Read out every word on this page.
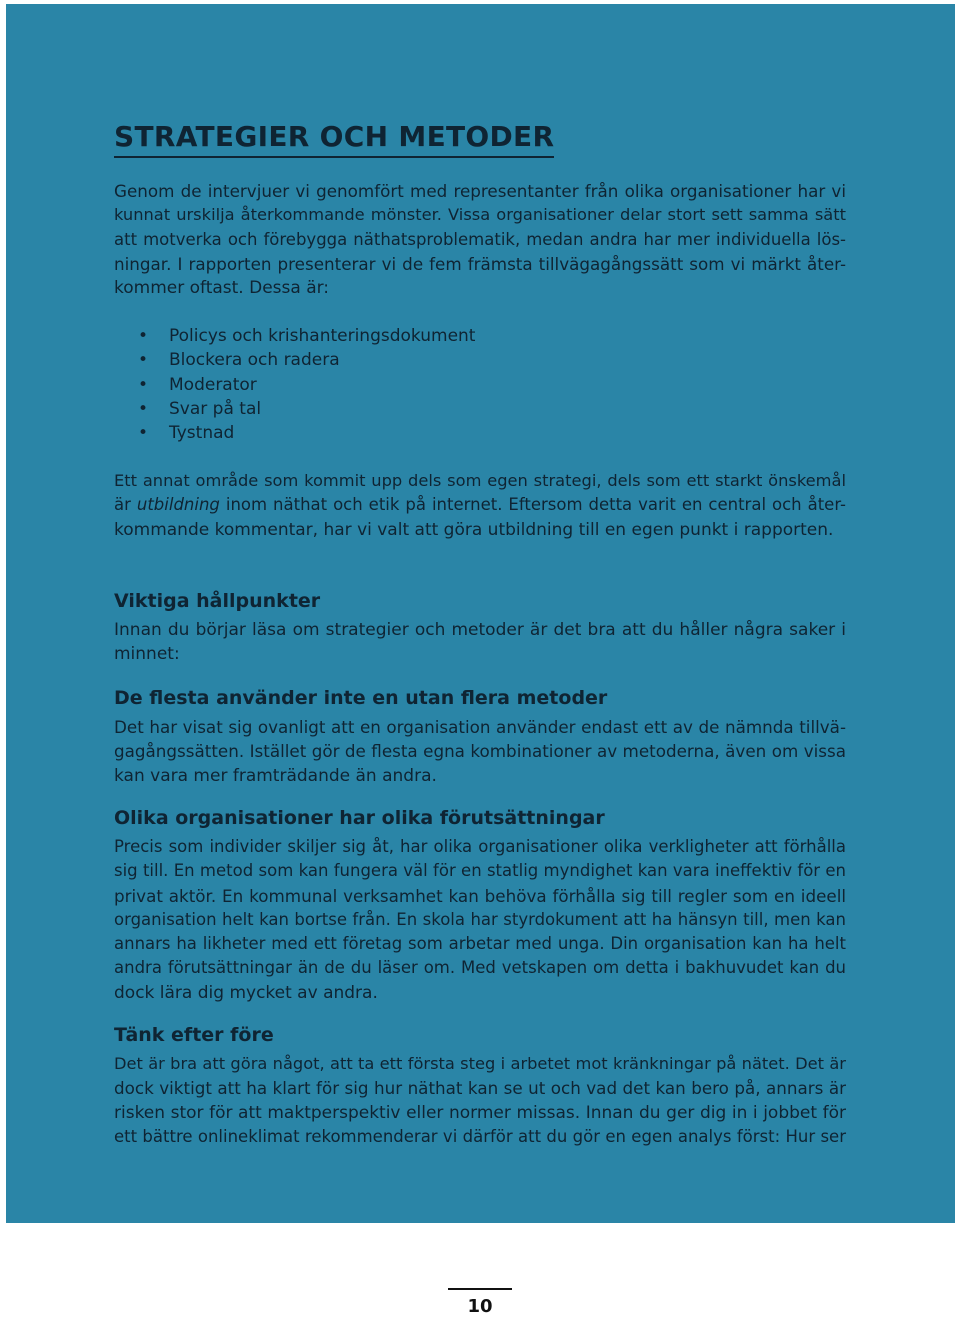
STRATEGIER OCH METODER
Genom de intervjuer vi genomfört med representanter från olika organisationer har vi
kunnat urskilja återkommande mönster. Vissa organisationer delar stort sett samma sätt
att motverka och förebygga näthatsproblematik, medan andra har mer individuella lös-
ningar. I rapporten presenterar vi de fem främsta tillvägagångssätt som vi märkt åter-
kommer oftast. Dessa är:
• Policys och krishanteringsdokument
• Blockera och radera
• Moderator
• Svar på tal
• Tystnad
Ett annat område som kommit upp dels som egen strategi, dels som ett starkt önskemål
är utbildning inom näthat och etik på internet. Eftersom detta varit en central och åter-
kommande kommentar, har vi valt att göra utbildning till en egen punkt i rapporten.
Viktiga hållpunkter
Innan du börjar läsa om strategier och metoder är det bra att du håller några saker i
minnet:
De flesta använder inte en utan flera metoder
Det har visat sig ovanligt att en organisation använder endast ett av de nämnda tillvä-
gagångssätten. Istället gör de flesta egna kombinationer av metoderna, även om vissa
kan vara mer framträdande än andra.
Olika organisationer har olika förutsättningar
Precis som individer skiljer sig åt, har olika organisationer olika verkligheter att förhålla
sig till. En metod som kan fungera väl för en statlig myndighet kan vara ineffektiv för en
privat aktör. En kommunal verksamhet kan behöva förhålla sig till regler som en ideell
organisation helt kan bortse från. En skola har styrdokument att ha hänsyn till, men kan
annars ha likheter med ett företag som arbetar med unga. Din organisation kan ha helt
andra förutsättningar än de du läser om. Med vetskapen om detta i bakhuvudet kan du
dock lära dig mycket av andra.
Tänk efter före
Det är bra att göra något, att ta ett första steg i arbetet mot kränkningar på nätet. Det är
dock viktigt att ha klart för sig hur näthat kan se ut och vad det kan bero på, annars är
risken stor för att maktperspektiv eller normer missas. Innan du ger dig in i jobbet för
ett bättre onlineklimat rekommenderar vi därför att du gör en egen analys först: Hur ser
10
